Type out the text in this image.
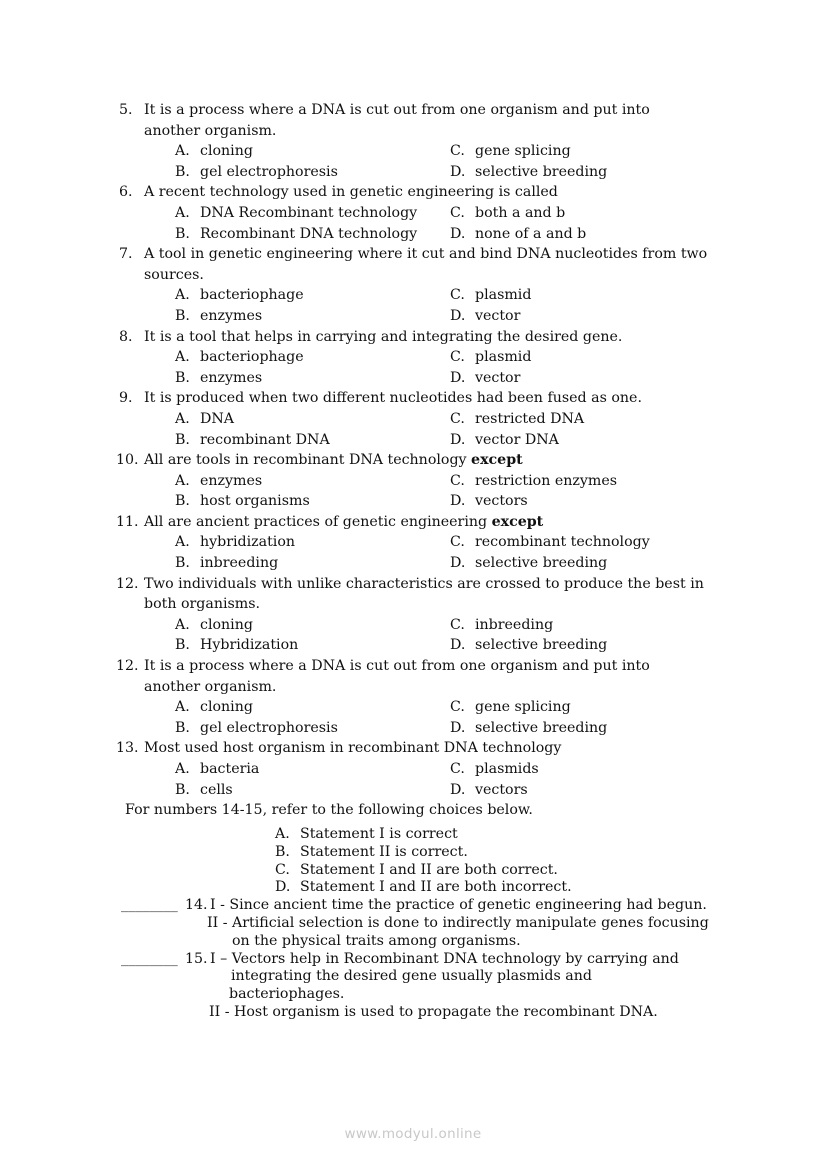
5. It is a process where a DNA is cut out from one organism and put into
another organism.
A. cloning	C. gene splicing
B. gel electrophoresis	D. selective breeding
6. A recent technology used in genetic engineering is called
A. DNA Recombinant technology C. both a and b
B. Recombinant DNA technology D. none of a and b
7. A tool in genetic engineering where it cut and bind DNA nucleotides from two
sources.
A. bacteriophage	C. plasmid
B. enzymes	D. vector
8. It is a tool that helps in carrying and integrating the desired gene.
A. bacteriophage	C. plasmid
B. enzymes	D. vector
9. It is produced when two different nucleotides had been fused as one.
A. DNA	C. restricted DNA
B. recombinant DNA	D. vector DNA
10. All are tools in recombinant DNA technology except
A. enzymes	C. restriction enzymes
B. host organisms	D. vectors
11. All are ancient practices of genetic engineering except
A. hybridization	C. recombinant technology
B. inbreeding	D. selective breeding
12. Two individuals with unlike characteristics are crossed to produce the best in
both organisms.
A. cloning	C. inbreeding
B. Hybridization	D. selective breeding
12. It is a process where a DNA is cut out from one organism and put into
another organism.
A. cloning	C. gene splicing
B. gel electrophoresis	D. selective breeding
13. Most used host organism in recombinant DNA technology
A. bacteria	C. plasmids
B. cells	D. vectors
For numbers 14-15, refer to the following choices below.
A. Statement I is correct
B. Statement II is correct.
C. Statement I and II are both correct.
D. Statement I and II are both incorrect.
________ 14. I - Since ancient time the practice of genetic engineering had begun.
II - Artificial selection is done to indirectly manipulate genes focusing
on the physical traits among organisms.
________ 15. I – Vectors help in Recombinant DNA technology by carrying and
integrating the desired gene usually plasmids and
bacteriophages.
II - Host organism is used to propagate the recombinant DNA.
www.modyul.online
